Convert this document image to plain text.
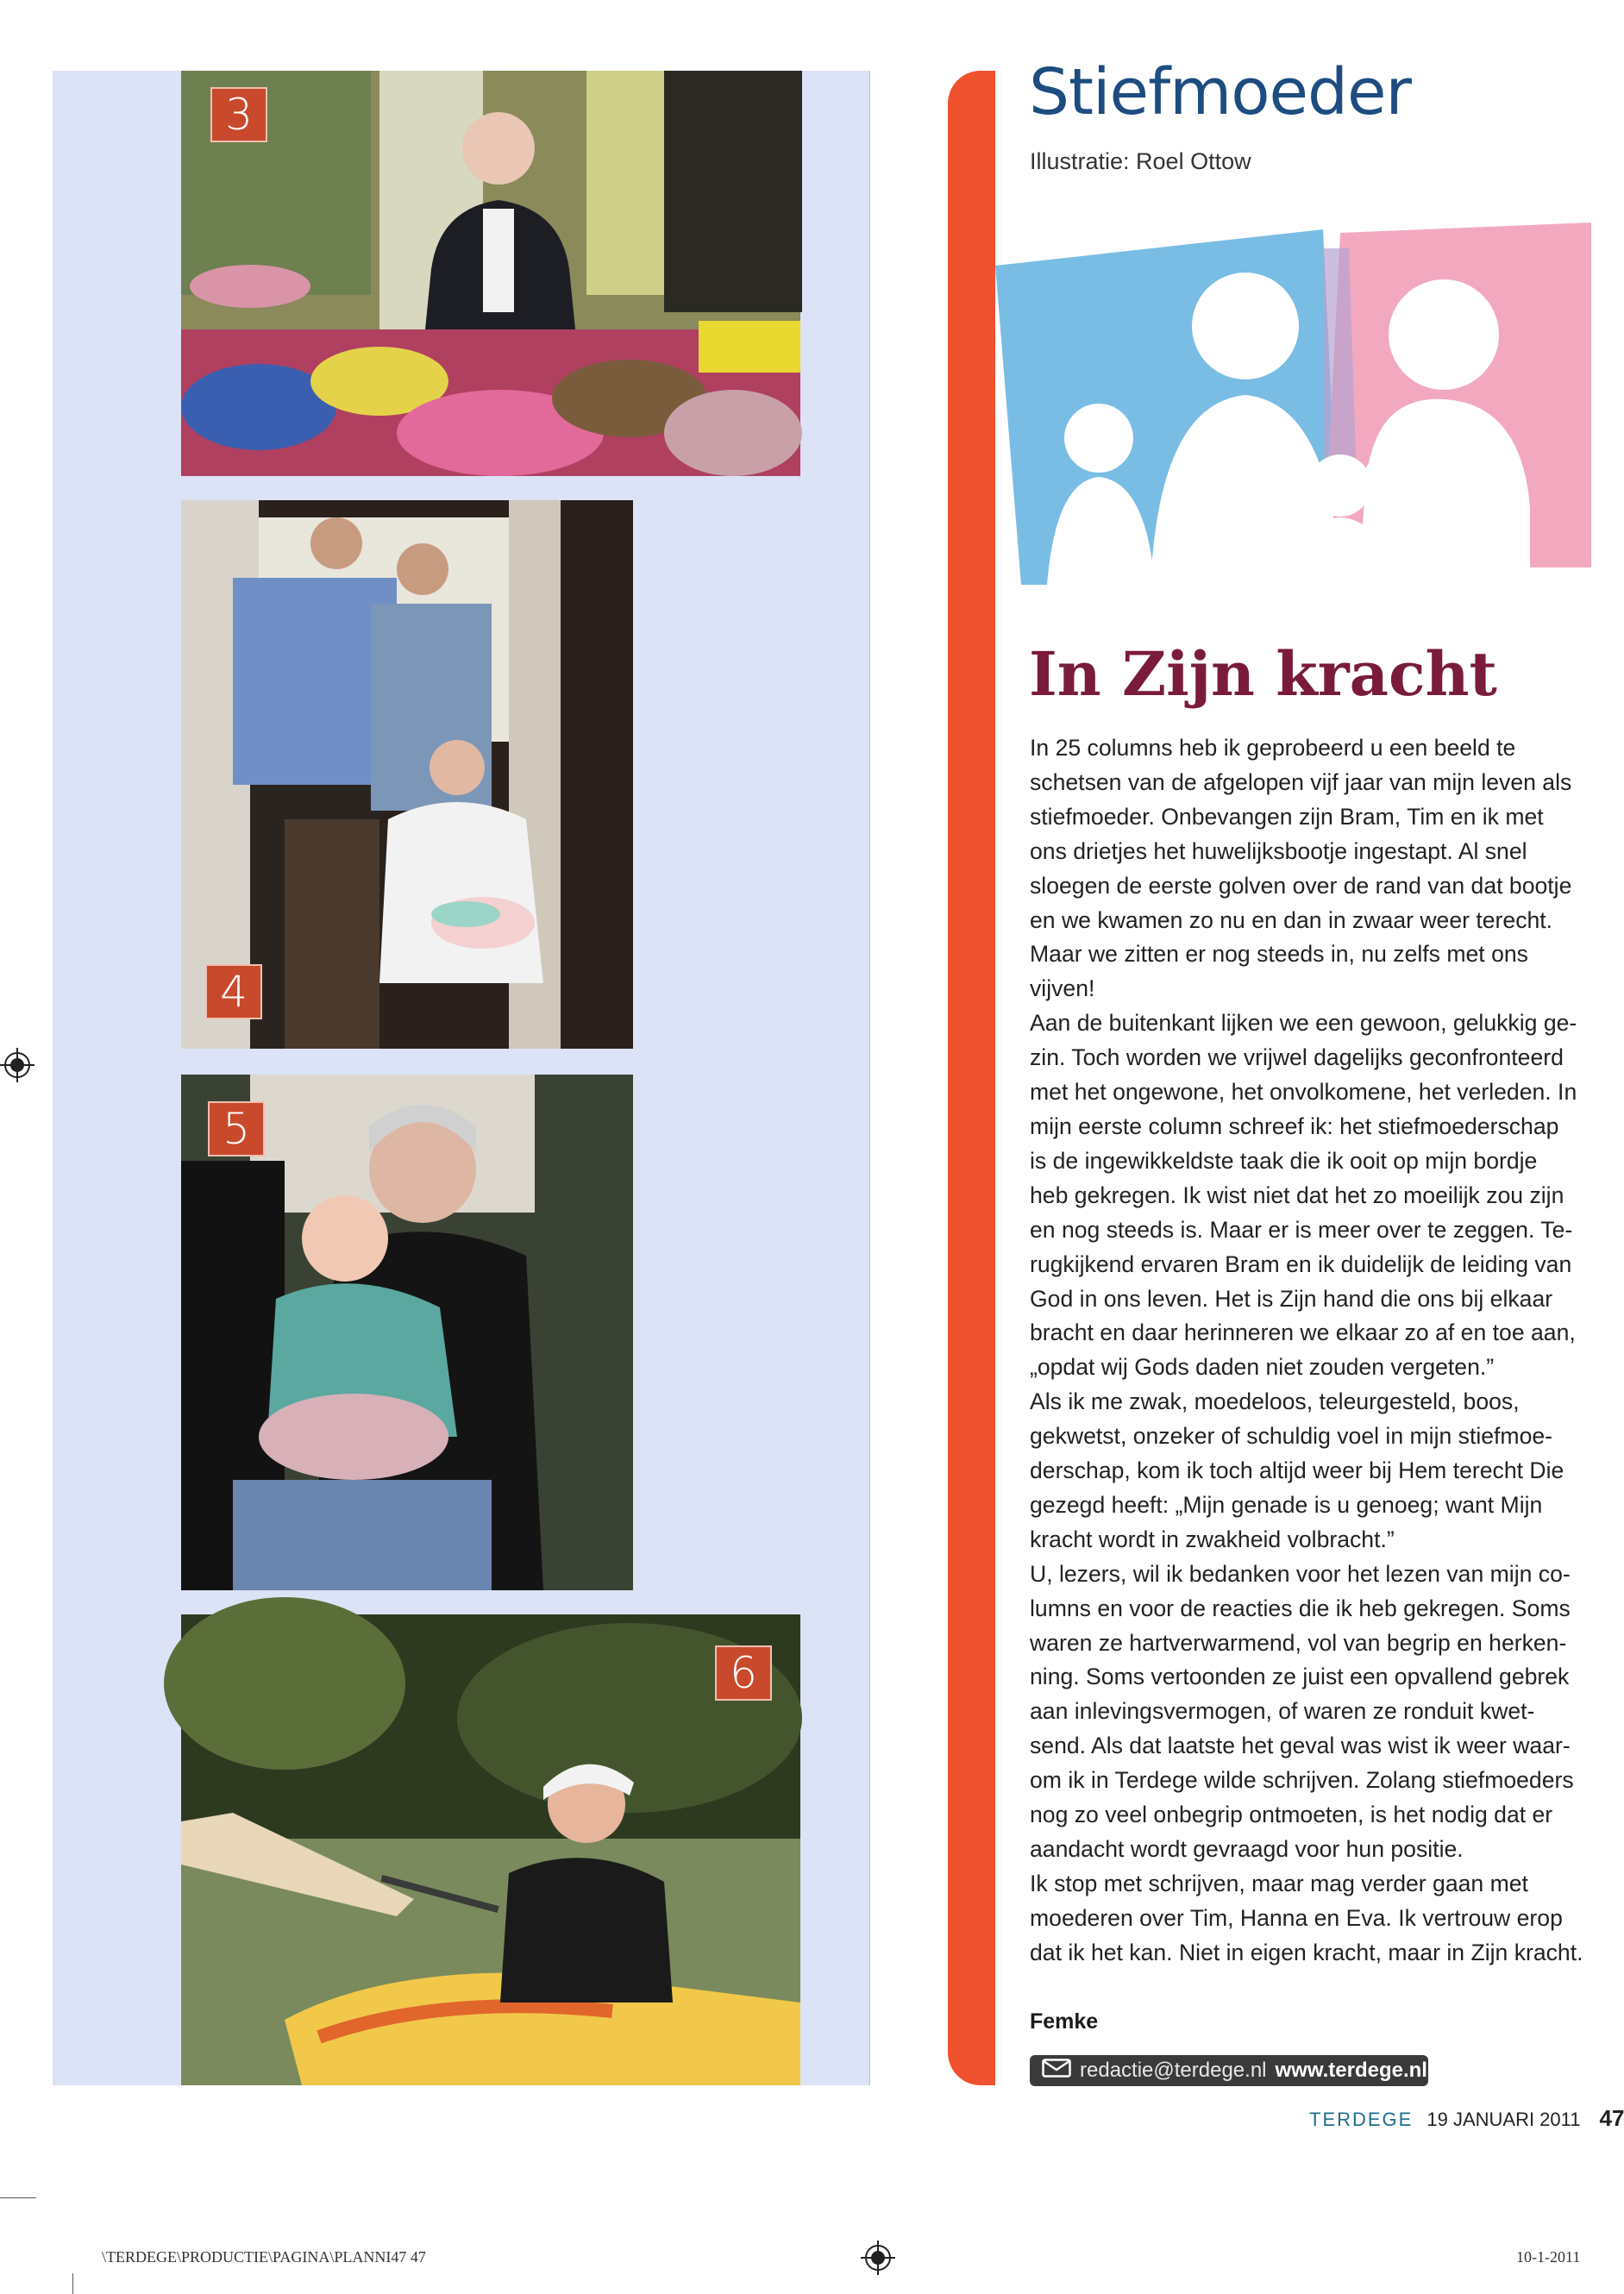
3
4
5
6
Stiefmoeder

Illustratie: Roel Ottow

In Zijn kracht

In 25 columns heb ik geprobeerd u een beeld te
schetsen van de afgelopen vijf jaar van mijn leven als
stiefmoeder. Onbevangen zijn Bram, Tim en ik met
ons drietjes het huwelijksbootje ingestapt. Al snel
sloegen de eerste golven over de rand van dat bootje
en we kwamen zo nu en dan in zwaar weer terecht.
Maar we zitten er nog steeds in, nu zelfs met ons
vijven!
Aan de buitenkant lijken we een gewoon, gelukkig ge-
zin. Toch worden we vrijwel dagelijks geconfronteerd
met het ongewone, het onvolkomene, het verleden. In
mijn eerste column schreef ik: het stiefmoederschap
is de ingewikkeldste taak die ik ooit op mijn bordje
heb gekregen. Ik wist niet dat het zo moeilijk zou zijn
en nog steeds is. Maar er is meer over te zeggen. Te-
rugkijkend ervaren Bram en ik duidelijk de leiding van
God in ons leven. Het is Zijn hand die ons bij elkaar
bracht en daar herinneren we elkaar zo af en toe aan,
„opdat wij Gods daden niet zouden vergeten.”
Als ik me zwak, moedeloos, teleurgesteld, boos,
gekwetst, onzeker of schuldig voel in mijn stiefmoe-
derschap, kom ik toch altijd weer bij Hem terecht Die
gezegd heeft: „Mijn genade is u genoeg; want Mijn
kracht wordt in zwakheid volbracht.”
U, lezers, wil ik bedanken voor het lezen van mijn co-
lumns en voor de reacties die ik heb gekregen. Soms
waren ze hartverwarmend, vol van begrip en herken-
ning. Soms vertoonden ze juist een opvallend gebrek
aan inlevingsvermogen, of waren ze ronduit kwet-
send. Als dat laatste het geval was wist ik weer waar-
om ik in Terdege wilde schrijven. Zolang stiefmoeders
nog zo veel onbegrip ontmoeten, is het nodig dat er
aandacht wordt gevraagd voor hun positie.
Ik stop met schrijven, maar mag verder gaan met
moederen over Tim, Hanna en Eva. Ik vertrouw erop
dat ik het kan. Niet in eigen kracht, maar in Zijn kracht.

Femke

redactie@terdege.nl www.terdege.nl
TERDEGE 19 JANUARI 2011 47
\TERDEGE\PRODUCTIE\PAGINA\PLANNI47 47	10-1-2011
